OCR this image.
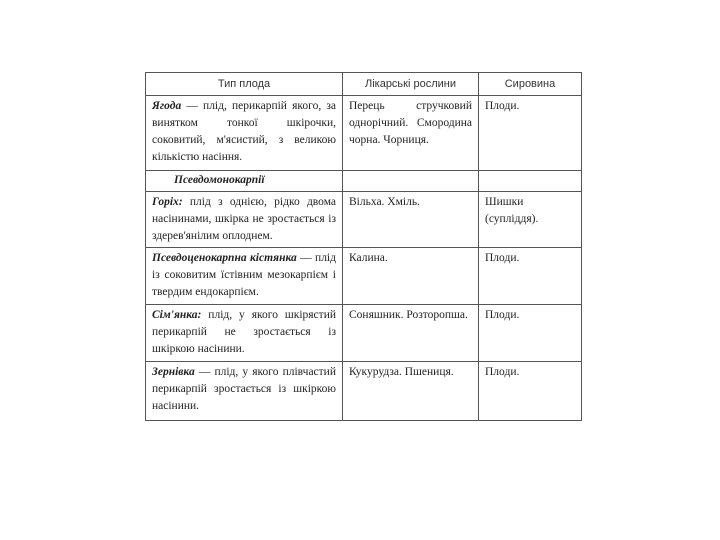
Тип плода	Лікарські рослини	Сировина
Ягода — плід, перикарпій якого, за винятком тонкої шкірочки, соковитий, м'ясистий, з великою кількістю насіння.	Перець стручковий однорічний. Смородина чорна. Чорниця.	Плоди.
Псевдомонокарпії		
Горіх: плід з однією, рідко двома насінинами, шкірка не зростається із здерев'янілим оплоднем.	Вільха. Хміль.	Шишки (супліддя).
Псевдоценокарпна кістянка — плід із соковитим їстівним мезокарпієм і твердим ендокарпієм.	Калина.	Плоди.
Сім'янка: плід, у якого шкірястий перикарпій не зростається із шкіркою насінини.	Соняшник. Розторопша.	Плоди.
Зернівка — плід, у якого плівчастий перикарпій зростається із шкіркою насінини.	Кукурудза. Пшениця.	Плоди.
